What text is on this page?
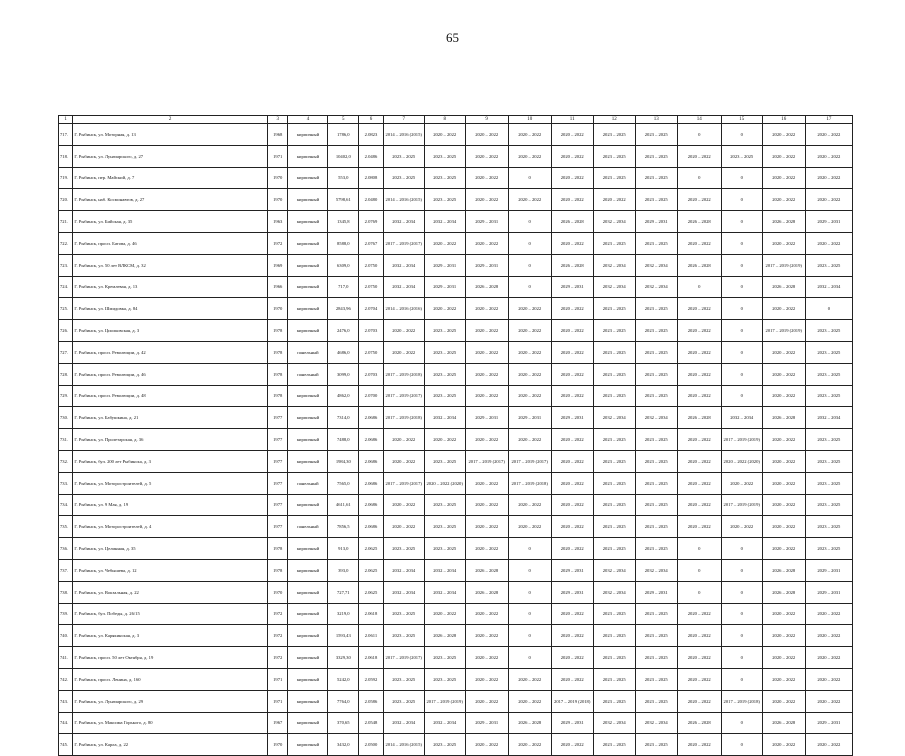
65
1	2	3	4	5	6	7	8	9	10	11	12	13	14	15	16	17
717.	Г. Рыбинск, ул. Моторная, д. 13	1968	кирпичный	1786,0	2.0823	2014 – 2016 (2015)	2020 – 2022	2020 – 2022	2020 – 2022	2020 – 2022	2023 – 2025	2023 – 2025	0	0	2020 – 2022	2020 – 2022
718.	Г. Рыбинск, ул. Луначарского, д. 27	1971	кирпичный	10402,0	2.0486	2023 – 2025	2023 – 2025	2020 – 2022	2020 – 2022	2020 – 2022	2023 – 2025	2023 – 2025	2020 – 2022	2023 – 2025	2020 – 2022	2020 – 2022
719.	Г. Рыбинск, пер. Майский, д. 7	1970	кирпичный	553,0	2.0808	2023 – 2025	2023 – 2025	2020 – 2022	0	2020 – 2022	2023 – 2025	2023 – 2025	0	0	2020 – 2022	2020 – 2022
720.	Г. Рыбинск, наб. Космонавтов, д. 27	1970	кирпичный	5798,61	2.0480	2014 – 2016 (2015)	2023 – 2025	2020 – 2022	2020 – 2022	2020 – 2022	2020 – 2022	2023 – 2025	2020 – 2022	0	2020 – 2022	2020 – 2022
721.	Г. Рыбинск, ул. Бийская, д. 35	1963	кирпичный	1345,8	2.0769	2032 – 2034	2032 – 2034	2029 – 2031	0	2026 – 2028	2032 – 2034	2029 – 2031	2026 – 2028	0	2026 – 2028	2029 – 2031
722.	Г. Рыбинск, просп. Батова, д. 46	1972	кирпичный	8588,0	2.0767	2017 – 2019 (2017)	2020 – 2022	2020 – 2022	0	2020 – 2022	2023 – 2025	2023 – 2025	2020 – 2022	0	2020 – 2022	2020 – 2022
723.	Г. Рыбинск, ул. 50 лет ВЛКСМ, д. 32	1969	кирпичный	6309,0	2.0750	2032 – 2034	2029 – 2031	2029 – 2031	0	2026 – 2028	2032 – 2034	2032 – 2034	2026 – 2028	0	2017 – 2019 (2019)	2023 – 2025
724.	Г. Рыбинск, ул. Кремлевая, д. 13	1966	кирпичный	717,0	2.0750	2032 – 2034	2029 – 2031	2026 – 2028	0	2029 – 2031	2032 – 2034	2032 – 2034	0	0	2026 – 2028	2032 – 2034
725.	Г. Рыбинск, ул. Шмидовка, д. 84	1970	кирпичный	2843,96	2.0704	2014 – 2016 (2016)	2020 – 2022	2020 – 2022	2020 – 2022	2020 – 2022	2023 – 2025	2023 – 2025	2020 – 2022	0	2020 – 2022	0
726.	Г. Рыбинск, ул. Циолковская, д. 3	1978	кирпичный	2476,0	2.0703	2020 – 2022	2023 – 2025	2020 – 2022	2020 – 2022	2020 – 2022	2023 – 2025	2023 – 2025	2020 – 2022	0	2017 – 2019 (2019)	2023 – 2025
727.	Г. Рыбинск, просп. Революции, д. 42	1978	панельный	4686,0	2.0750	2020 – 2022	2023 – 2025	2020 – 2022	2020 – 2022	2020 – 2022	2023 – 2025	2023 – 2025	2020 – 2022	0	2020 – 2022	2023 – 2025
728.	Г. Рыбинск, просп. Революции, д. 46	1978	панельный	3099,0	2.0703	2017 – 2019 (2018)	2023 – 2025	2020 – 2022	2020 – 2022	2020 – 2022	2023 – 2025	2023 – 2025	2020 – 2022	0	2020 – 2022	2023 – 2025
729.	Г. Рыбинск, просп. Революции, д. 48	1978	кирпичный	4862,0	2.0700	2017 – 2019 (2017)	2023 – 2025	2020 – 2022	2020 – 2022	2020 – 2022	2023 – 2025	2023 – 2025	2020 – 2022	0	2020 – 2022	2023 – 2025
730.	Г. Рыбинск, ул. Бабушкина, д. 21	1977	кирпичный	7314,0	2.0686	2017 – 2019 (2018)	2032 – 2034	2029 – 2031	2029 – 2031	2029 – 2031	2032 – 2034	2032 – 2034	2026 – 2028	2032 – 2034	2026 – 2028	2032 – 2034
731.	Г. Рыбинск, ул. Пролетарская, д. 36	1977	кирпичный	7488,0	2.0686	2020 – 2022	2020 – 2022	2020 – 2022	2020 – 2022	2020 – 2022	2023 – 2025	2023 – 2025	2020 – 2022	2017 – 2019 (2019)	2020 – 2022	2023 – 2025
732.	Г. Рыбинск, бул. 200 лет Рыбинска, д. 3	1977	кирпичный	1984,30	2.0686	2020 – 2022	2023 – 2025	2017 – 2019 (2017)	2017 – 2019 (2017)	2020 – 2022	2023 – 2025	2023 – 2025	2020 – 2022	2020 – 2022 (2020)	2020 – 2022	2023 – 2025
733.	Г. Рыбинск, ул. Моторостроителей, д. 5	1977	панельный	7565,0	2.0686	2017 – 2019 (2017)	2020 – 2022 (2020)	2020 – 2022	2017 – 2019 (2018)	2020 – 2022	2023 – 2025	2023 – 2025	2020 – 2022	2020 – 2022	2020 – 2022	2023 – 2025
734.	Г. Рыбинск, ул. 9 Мая, д. 19	1977	кирпичный	4611,61	2.0686	2020 – 2022	2023 – 2025	2020 – 2022	2020 – 2022	2020 – 2022	2023 – 2025	2023 – 2025	2020 – 2022	2017 – 2019 (2019)	2020 – 2022	2023 – 2025
735.	Г. Рыбинск, ул. Моторостроителей, д. 4	1977	панельный	7856,5	2.0686	2020 – 2022	2023 – 2025	2020 – 2022	2020 – 2022	2020 – 2022	2023 – 2025	2023 – 2025	2020 – 2022	2020 – 2022	2020 – 2022	2023 – 2025
736.	Г. Рыбинск, ул. Целинная, д. 35	1978	кирпичный	913,0	2.0625	2023 – 2025	2023 – 2025	2020 – 2022	0	2020 – 2022	2023 – 2025	2023 – 2025	0	0	2020 – 2022	2023 – 2025
737.	Г. Рыбинск, ул. Чебышева, д. 12	1978	кирпичный	393,0	2.0625	2032 – 2034	2032 – 2034	2026 – 2028	0	2029 – 2031	2032 – 2034	2032 – 2034	0	0	2026 – 2028	2029 – 2031
738.	Г. Рыбинск, ул. Вокзальная, д. 22	1970	кирпичный	727,71	2.0625	2032 – 2034	2032 – 2034	2026 – 2028	0	2029 – 2031	2032 – 2034	2029 – 2031	0	0	2026 – 2028	2029 – 2031
739.	Г. Рыбинск, бул. Победы, д. 26/15	1972	кирпичный	3219,0	2.0618	2023 – 2025	2020 – 2022	2020 – 2022	0	2020 – 2022	2023 – 2025	2023 – 2025	2020 – 2022	0	2020 – 2022	2020 – 2022
740.	Г. Рыбинск, ул. Карякинская, д. 3	1972	кирпичный	1593,43	2.0611	2023 – 2025	2026 – 2028	2020 – 2022	0	2020 – 2022	2023 – 2025	2023 – 2025	2020 – 2022	0	2020 – 2022	2020 – 2022
741.	Г. Рыбинск, просп. 50 лет Октября, д. 19	1972	кирпичный	3329,30	2.0618	2017 – 2019 (2017)	2023 – 2025	2020 – 2022	0	2020 – 2022	2023 – 2025	2023 – 2025	2020 – 2022	0	2020 – 2022	2020 – 2022
742.	Г. Рыбинск, просп. Ленина, д. 160	1971	кирпичный	5242,0	2.0592	2023 – 2025	2023 – 2025	2020 – 2022	2020 – 2022	2020 – 2022	2023 – 2025	2023 – 2025	2020 – 2022	0	2020 – 2022	2020 – 2022
743.	Г. Рыбинск, ул. Луначарского, д. 29	1971	кирпичный	7764,0	2.0586	2023 – 2025	2017 – 2019 (2019)	2020 – 2022	2020 – 2022	2017 – 2019 (2018)	2023 – 2025	2023 – 2025	2020 – 2022	2017 – 2019 (2018)	2020 – 2022	2020 – 2022
744.	Г. Рыбинск, ул. Максима Горького, д. 80	1967	кирпичный	370,65	2.0548	2032 – 2034	2032 – 2034	2029 – 2031	2026 – 2028	2029 – 2031	2032 – 2034	2032 – 2034	2026 – 2028	0	2026 – 2028	2029 – 2031
745.	Г. Рыбинск, ул. Карла, д. 22	1970	кирпичный	3432,0	2.0500	2014 – 2016 (2015)	2023 – 2025	2020 – 2022	2020 – 2022	2020 – 2022	2023 – 2025	2023 – 2025	2020 – 2022	0	2020 – 2022	2020 – 2022
